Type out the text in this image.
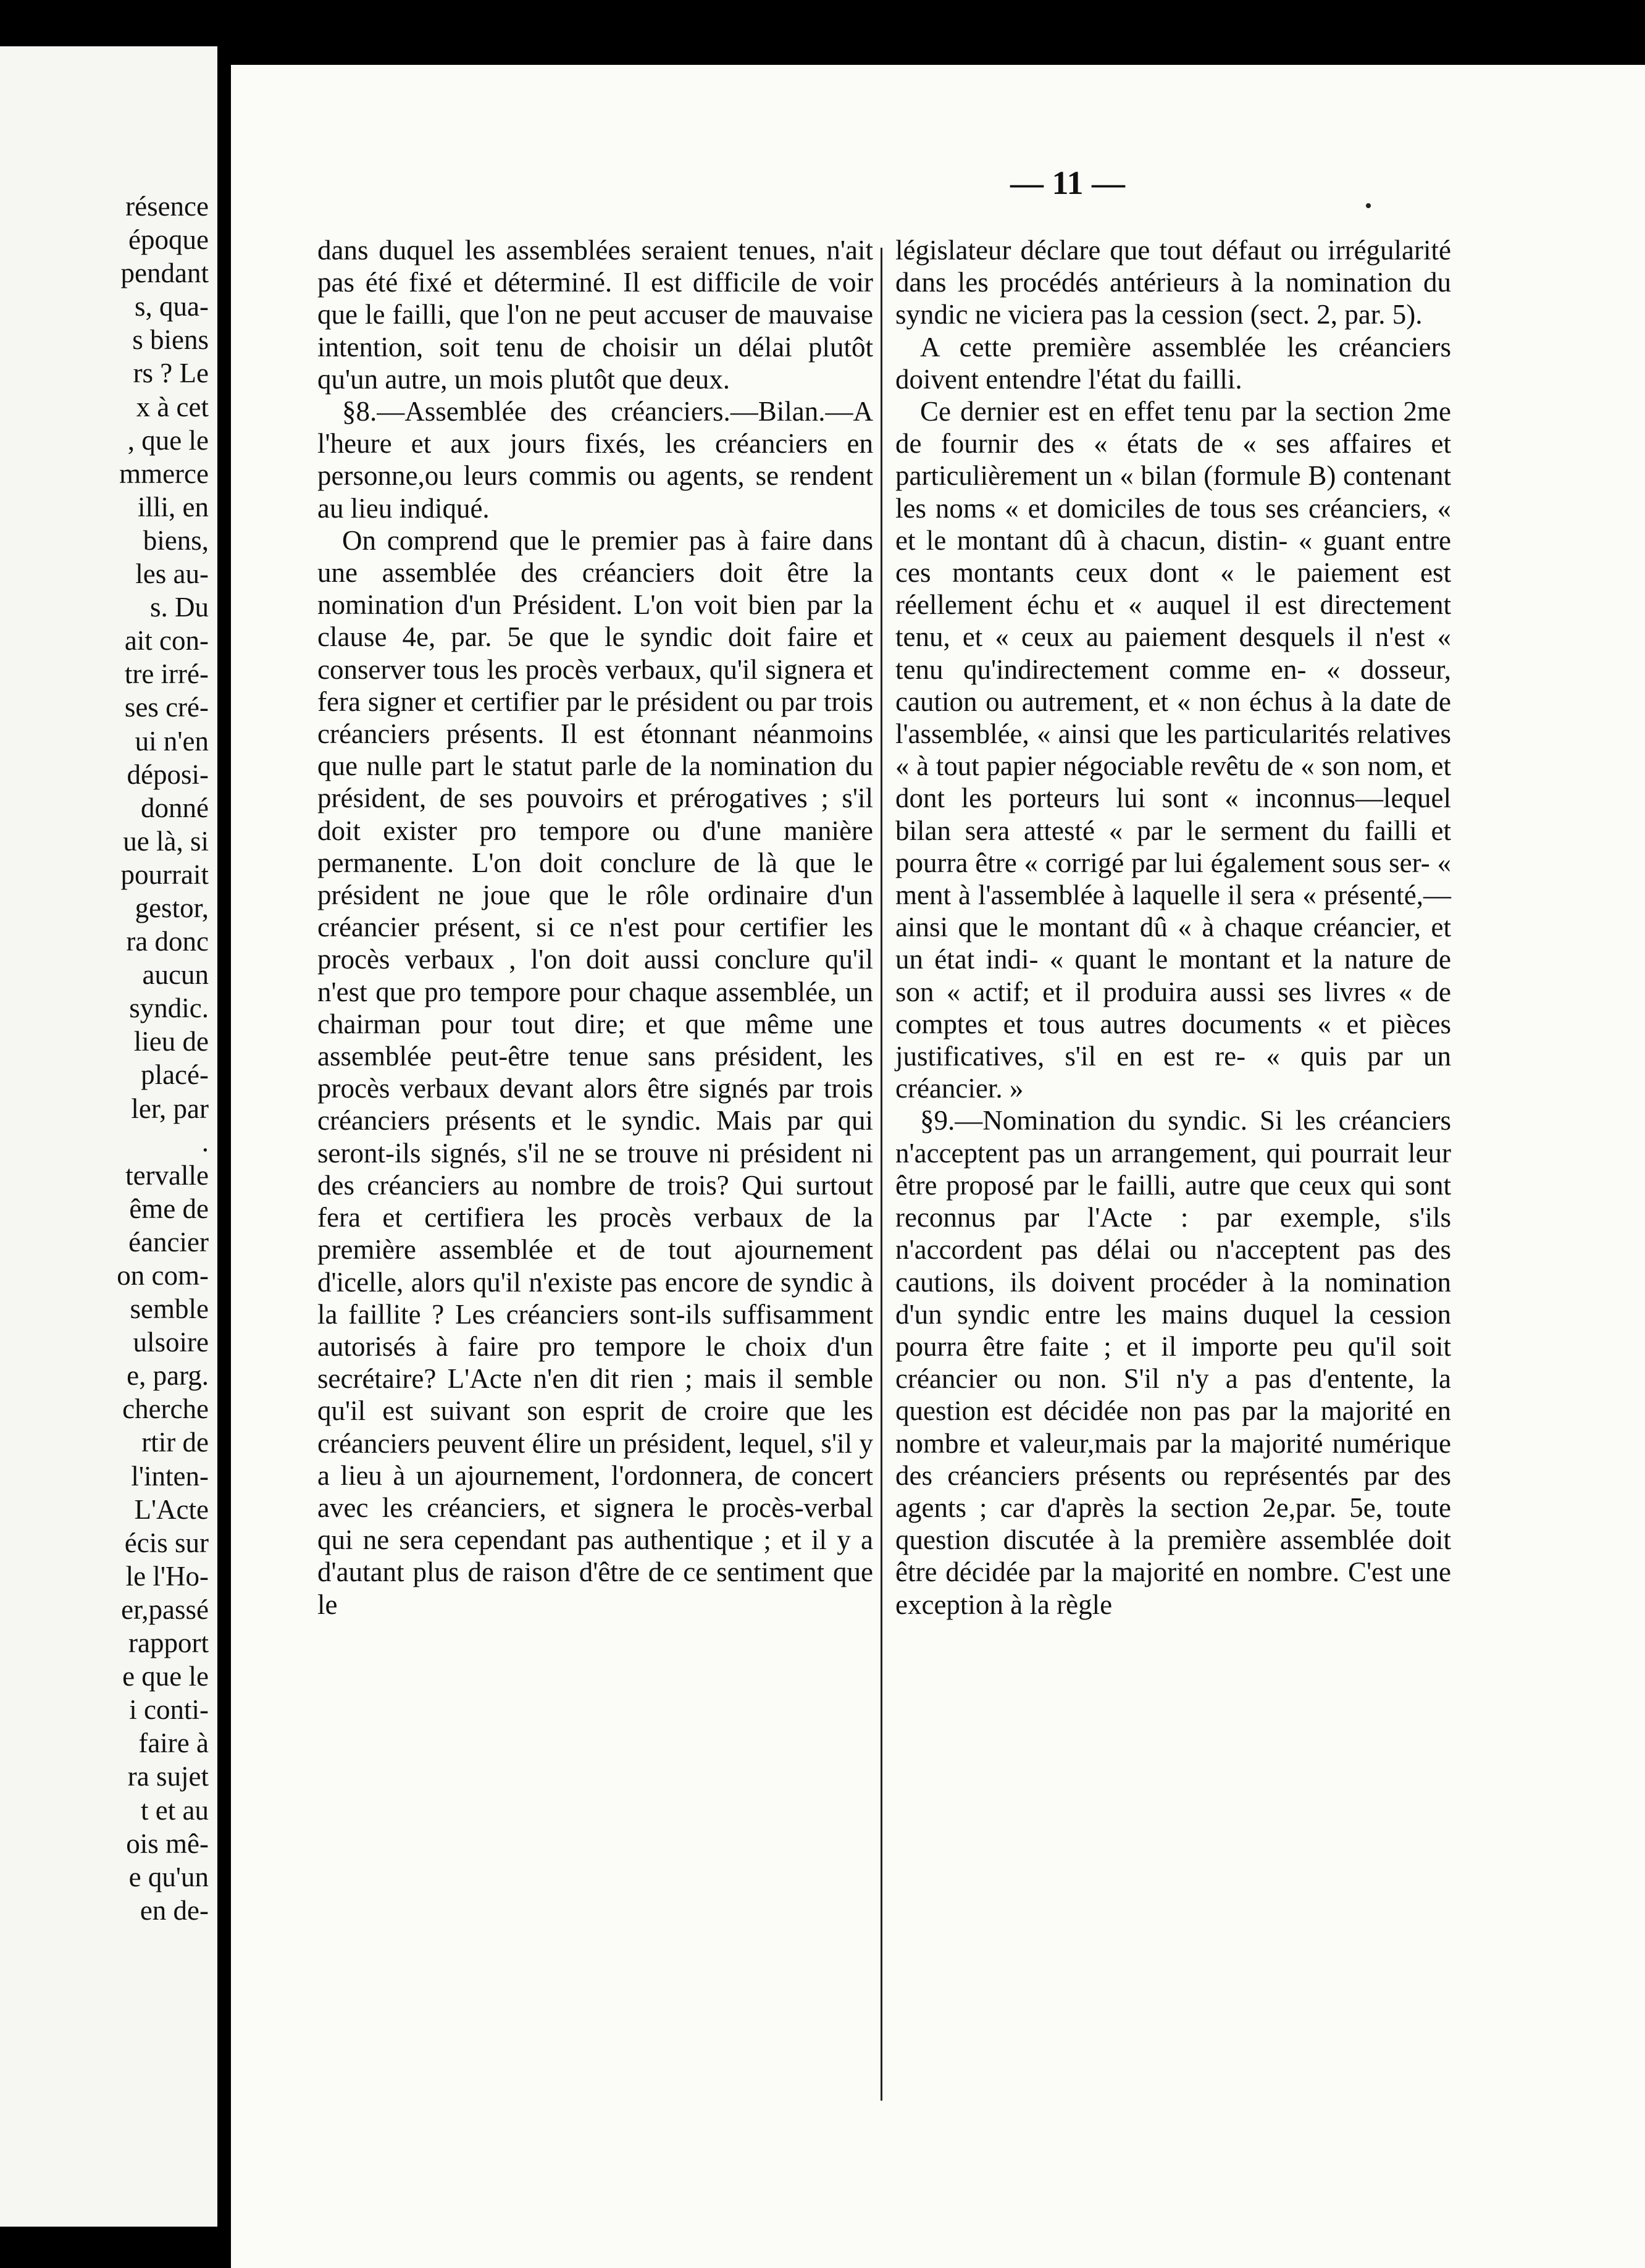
résence
époque
pendant
s, qua-
s biens
rs ? Le
x à cet
, que le
mmerce
illi, en
biens,
les au-
s. Du
ait con-
tre irré-
ses cré-
ui n'en
déposi-
donné
ue là, si
pourrait
gestor,
ra donc
aucun
syndic.
lieu de
placé-
ler, par
.
tervalle
ême de
éancier
on com-
semble
ulsoire
e, parg.
cherche
rtir de
l'inten-
L'Acte
écis sur
le l'Ho-
er,passé
rapport
e que le
i conti-
faire à
ra sujet
t et au
ois mê-
e qu'un
en de-
— 11 —

dans duquel les assemblées seraient tenues, n'ait pas été fixé et déterminé. Il est difficile de voir que le failli, que l'on ne peut accuser de mauvaise intention, soit tenu de choisir un délai plutôt qu'un autre, un mois plutôt que deux.

§8.—Assemblée des créanciers.—Bilan.—A l'heure et aux jours fixés, les créanciers en personne,ou leurs commis ou agents, se rendent au lieu indiqué.

On comprend que le premier pas à faire dans une assemblée des créanciers doit être la nomination d'un Président. L'on voit bien par la clause 4e, par. 5e que le syndic doit faire et conserver tous les procès verbaux, qu'il signera et fera signer et certifier par le président ou par trois créanciers présents. Il est étonnant néanmoins que nulle part le statut parle de la nomination du président, de ses pouvoirs et prérogatives ; s'il doit exister pro tempore ou d'une manière permanente. L'on doit conclure de là que le président ne joue que le rôle ordinaire d'un créancier présent, si ce n'est pour certifier les procès verbaux , l'on doit aussi conclure qu'il n'est que pro tempore pour chaque assemblée, un chairman pour tout dire; et que même une assemblée peut-être tenue sans président, les procès verbaux devant alors être signés par trois créanciers présents et le syndic. Mais par qui seront-ils signés, s'il ne se trouve ni président ni des créanciers au nombre de trois? Qui surtout fera et certifiera les procès verbaux de la première assemblée et de tout ajournement d'icelle, alors qu'il n'existe pas encore de syndic à la faillite ? Les créanciers sont-ils suffisamment autorisés à faire pro tempore le choix d'un secrétaire? L'Acte n'en dit rien ; mais il semble qu'il est suivant son esprit de croire que les créanciers peuvent élire un président, lequel, s'il y a lieu à un ajournement, l'ordonnera, de concert avec les créanciers, et signera le procès-verbal qui ne sera cependant pas authentique ; et il y a d'autant plus de raison d'être de ce sentiment que le

législateur déclare que tout défaut ou irrégularité dans les procédés antérieurs à la nomination du syndic ne viciera pas la cession (sect. 2, par. 5).

A cette première assemblée les créanciers doivent entendre l'état du failli.

Ce dernier est en effet tenu par la section 2me de fournir des « états de « ses affaires et particulièrement un « bilan (formule B) contenant les noms « et domiciles de tous ses créanciers, « et le montant dû à chacun, distin- « guant entre ces montants ceux dont « le paiement est réellement échu et « auquel il est directement tenu, et « ceux au paiement desquels il n'est « tenu qu'indirectement comme en- « dosseur, caution ou autrement, et « non échus à la date de l'assemblée, « ainsi que les particularités relatives « à tout papier négociable revêtu de « son nom, et dont les porteurs lui sont « inconnus—lequel bilan sera attesté « par le serment du failli et pourra être « corrigé par lui également sous ser- « ment à l'assemblée à laquelle il sera « présenté,—ainsi que le montant dû « à chaque créancier, et un état indi- « quant le montant et la nature de son « actif; et il produira aussi ses livres « de comptes et tous autres documents « et pièces justificatives, s'il en est re- « quis par un créancier. »

§9.—Nomination du syndic. Si les créanciers n'acceptent pas un arrangement, qui pourrait leur être proposé par le failli, autre que ceux qui sont reconnus par l'Acte : par exemple, s'ils n'accordent pas délai ou n'acceptent pas des cautions, ils doivent procéder à la nomination d'un syndic entre les mains duquel la cession pourra être faite ; et il importe peu qu'il soit créancier ou non. S'il n'y a pas d'entente, la question est décidée non pas par la majorité en nombre et valeur,mais par la majorité numérique des créanciers présents ou représentés par des agents ; car d'après la section 2e,par. 5e, toute question discutée à la première assemblée doit être décidée par la majorité en nombre. C'est une exception à la règle
